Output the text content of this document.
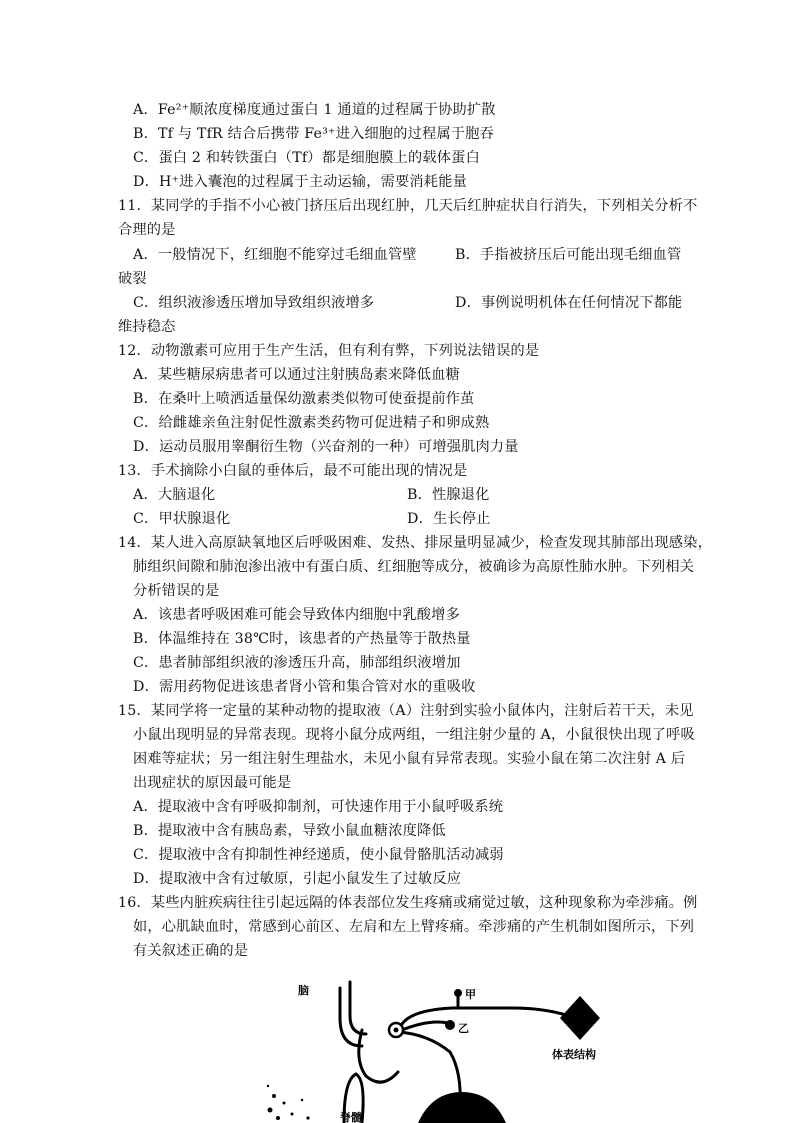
A．Fe²⁺顺浓度梯度通过蛋白 1 通道的过程属于协助扩散
B．Tf 与 TfR 结合后携带 Fe³⁺进入细胞的过程属于胞吞
C．蛋白 2 和转铁蛋白（Tf）都是细胞膜上的载体蛋白
D．H⁺进入囊泡的过程属于主动运输，需要消耗能量
11．某同学的手指不小心被门挤压后出现红肿，几天后红肿症状自行消失，下列相关分析不
合理的是
A．一般情况下，红细胞不能穿过毛细血管壁	B．手指被挤压后可能出现毛细血管
破裂
C．组织液渗透压增加导致组织液增多	D．事例说明机体在任何情况下都能
维持稳态
12．动物激素可应用于生产生活，但有利有弊，下列说法错误的是
A．某些糖尿病患者可以通过注射胰岛素来降低血糖
B．在桑叶上喷洒适量保幼激素类似物可使蚕提前作茧
C．给雌雄亲鱼注射促性激素类药物可促进精子和卵成熟
D．运动员服用睾酮衍生物（兴奋剂的一种）可增强肌肉力量
13．手术摘除小白鼠的垂体后，最不可能出现的情况是
A．大脑退化	B．性腺退化
C．甲状腺退化	D．生长停止
14．某人进入高原缺氧地区后呼吸困难、发热、排尿量明显减少，检查发现其肺部出现感染，
肺组织间隙和肺泡渗出液中有蛋白质、红细胞等成分，被确诊为高原性肺水肿。下列相关
分析错误的是
A．该患者呼吸困难可能会导致体内细胞中乳酸增多
B．体温维持在 38℃时，该患者的产热量等于散热量
C．患者肺部组织液的渗透压升高，肺部组织液增加
D．需用药物促进该患者肾小管和集合管对水的重吸收
15．某同学将一定量的某种动物的提取液（A）注射到实验小鼠体内，注射后若干天，未见
小鼠出现明显的异常表现。现将小鼠分成两组，一组注射少量的 A，小鼠很快出现了呼吸
困难等症状；另一组注射生理盐水，未见小鼠有异常表现。实验小鼠在第二次注射 A 后
出现症状的原因最可能是
A．提取液中含有呼吸抑制剂，可快速作用于小鼠呼吸系统
B．提取液中含有胰岛素，导致小鼠血糖浓度降低
C．提取液中含有抑制性神经递质，使小鼠骨骼肌活动减弱
D．提取液中含有过敏原，引起小鼠发生了过敏反应
16．某些内脏疾病往往引起远隔的体表部位发生疼痛或痛觉过敏，这种现象称为牵涉痛。例
如，心肌缺血时，常感到心前区、左肩和左上臂疼痛。牵涉痛的产生机制如图所示，下列
有关叙述正确的是
脑	甲
乙
体表结构
脊髓
